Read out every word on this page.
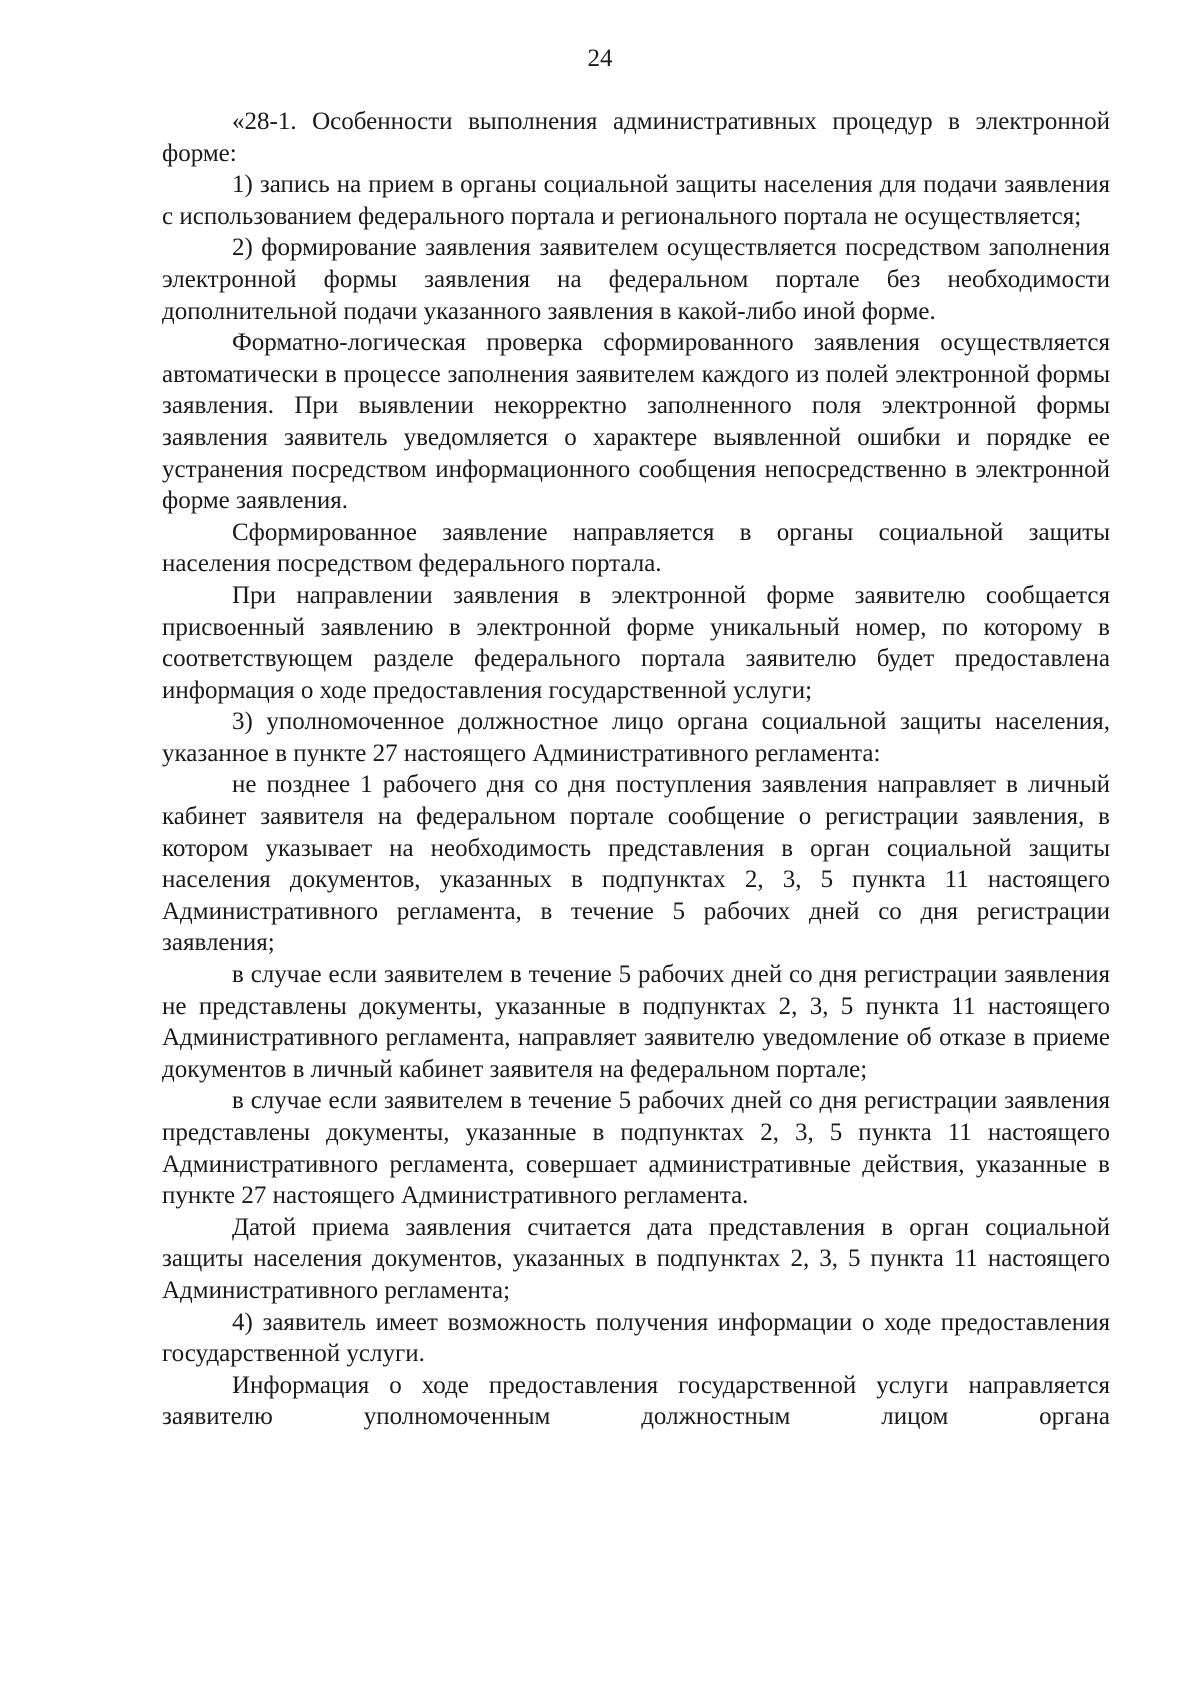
24

«28-1. Особенности выполнения административных процедур в электронной форме:

1) запись на прием в органы социальной защиты населения для подачи заявления с использованием федерального портала и регионального портала не осуществляется;

2) формирование заявления заявителем осуществляется посредством заполнения электронной формы заявления на федеральном портале без необходимости дополнительной подачи указанного заявления в какой-либо иной форме.

Форматно-логическая проверка сформированного заявления осуществляется автоматически в процессе заполнения заявителем каждого из полей электронной формы заявления. При выявлении некорректно заполненного поля электронной формы заявления заявитель уведомляется о характере выявленной ошибки и порядке ее устранения посредством информационного сообщения непосредственно в электронной форме заявления.

Сформированное заявление направляется в органы социальной защиты населения посредством федерального портала.

При направлении заявления в электронной форме заявителю сообщается присвоенный заявлению в электронной форме уникальный номер, по которому в соответствующем разделе федерального портала заявителю будет предоставлена информация о ходе предоставления государственной услуги;

3) уполномоченное должностное лицо органа социальной защиты населения, указанное в пункте 27 настоящего Административного регламента:

не позднее 1 рабочего дня со дня поступления заявления направляет в личный кабинет заявителя на федеральном портале сообщение о регистрации заявления, в котором указывает на необходимость представления в орган социальной защиты населения документов, указанных в подпунктах 2, 3, 5 пункта 11 настоящего Административного регламента, в течение 5 рабочих дней со дня регистрации заявления;

в случае если заявителем в течение 5 рабочих дней со дня регистрации заявления не представлены документы, указанные в подпунктах 2, 3, 5 пункта 11 настоящего Административного регламента, направляет заявителю уведомление об отказе в приеме документов в личный кабинет заявителя на федеральном портале;

в случае если заявителем в течение 5 рабочих дней со дня регистрации заявления представлены документы, указанные в подпунктах 2, 3, 5 пункта 11 настоящего Административного регламента, совершает административные действия, указанные в пункте 27 настоящего Административного регламента.

Датой приема заявления считается дата представления в орган социальной защиты населения документов, указанных в подпунктах 2, 3, 5 пункта 11 настоящего Административного регламента;

4) заявитель имеет возможность получения информации о ходе предоставления государственной услуги.

Информация о ходе предоставления государственной услуги направляется заявителю уполномоченным должностным лицом органа
